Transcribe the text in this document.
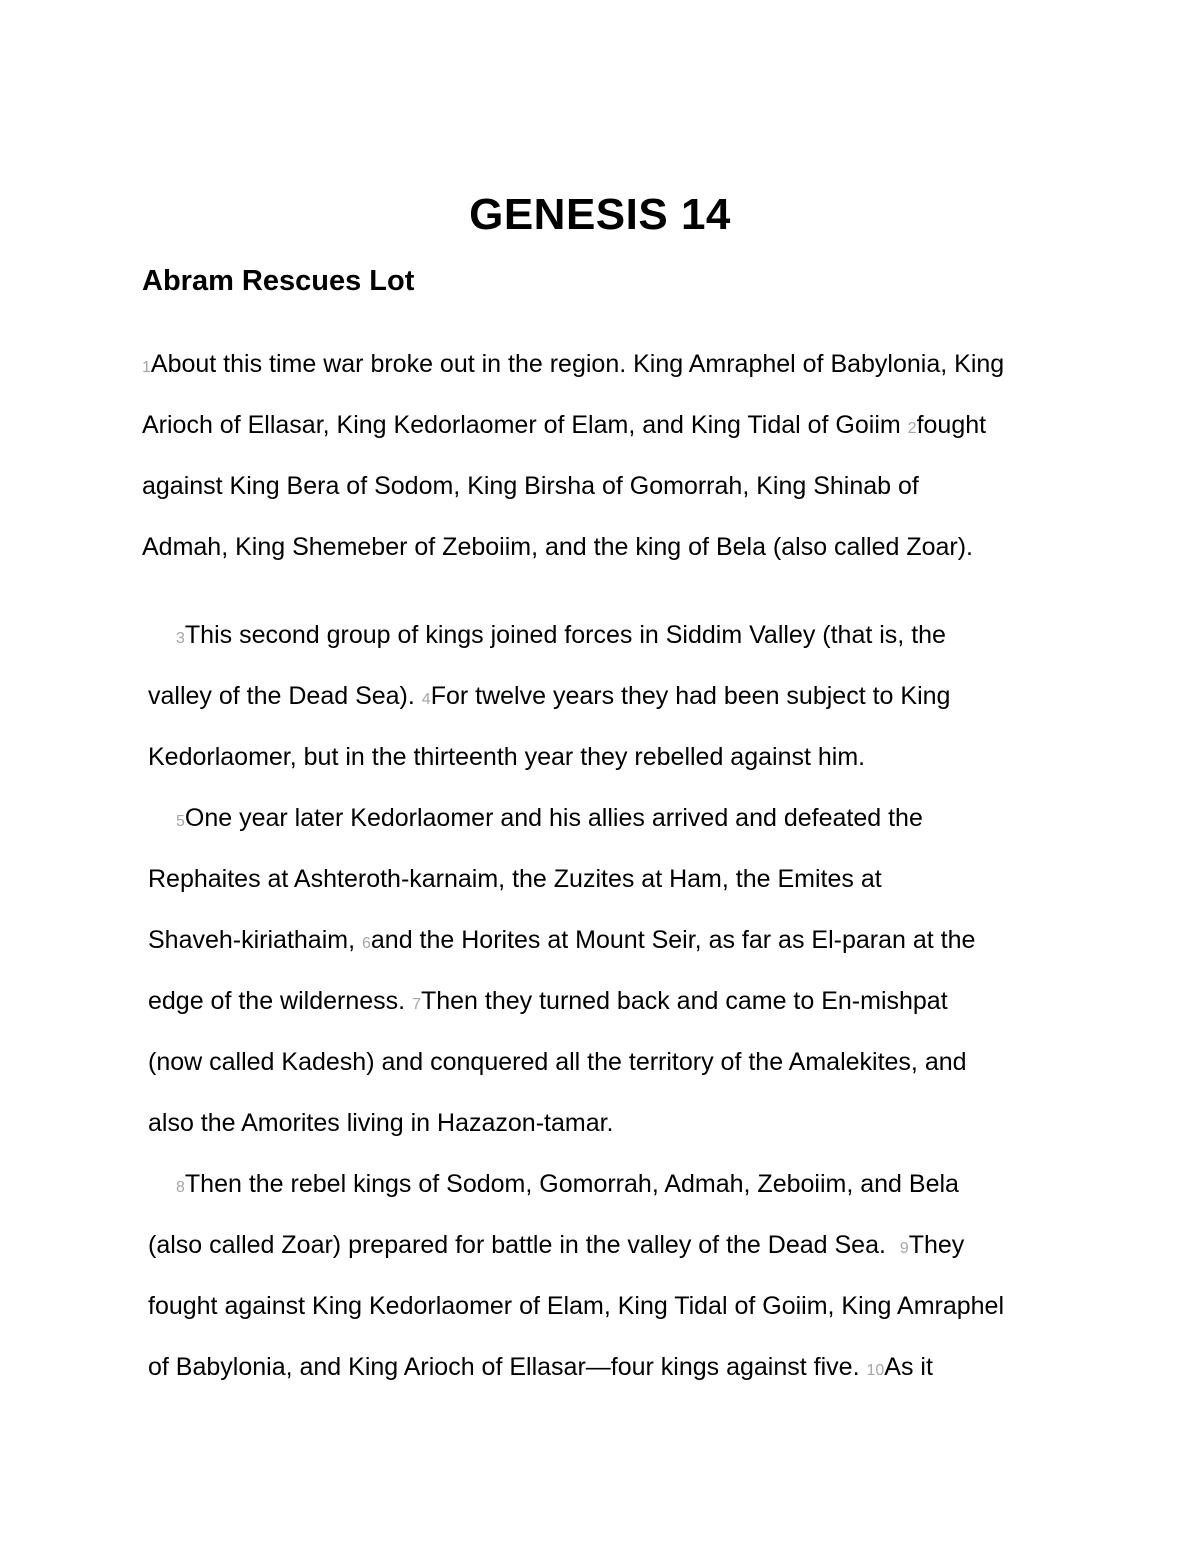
GENESIS 14
Abram Rescues Lot
1About this time war broke out in the region. King Amraphel of Babylonia, King
Arioch of Ellasar, King Kedorlaomer of Elam, and King Tidal of Goiim 2fought
against King Bera of Sodom, King Birsha of Gomorrah, King Shinab of
Admah, King Shemeber of Zeboiim, and the king of Bela (also called Zoar).
3This second group of kings joined forces in Siddim Valley (that is, the
valley of the Dead Sea). 4For twelve years they had been subject to King
Kedorlaomer, but in the thirteenth year they rebelled against him.
5One year later Kedorlaomer and his allies arrived and defeated the
Rephaites at Ashteroth-karnaim, the Zuzites at Ham, the Emites at
Shaveh-kiriathaim, 6and the Horites at Mount Seir, as far as El-paran at the
edge of the wilderness. 7Then they turned back and came to En-mishpat
(now called Kadesh) and conquered all the territory of the Amalekites, and
also the Amorites living in Hazazon-tamar.
8Then the rebel kings of Sodom, Gomorrah, Admah, Zeboiim, and Bela
(also called Zoar) prepared for battle in the valley of the Dead Sea.  9They
fought against King Kedorlaomer of Elam, King Tidal of Goiim, King Amraphel
of Babylonia, and King Arioch of Ellasar—four kings against five. 10As it
